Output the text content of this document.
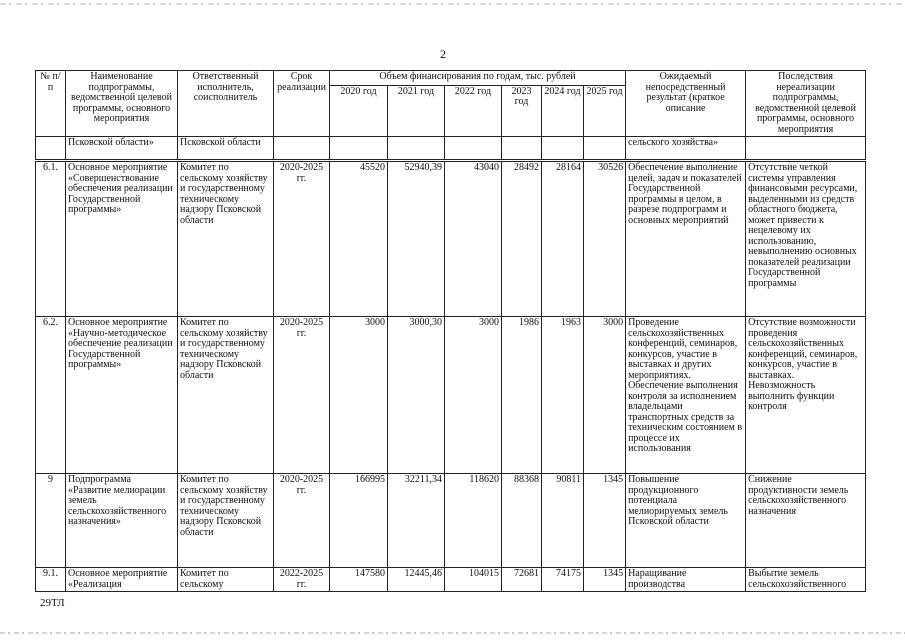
2
№ п/п	Наименование подпрограммы, ведомственной целевой программы, основного мероприятия	Ответственный исполнитель, соисполнитель	Срок реализации	Объем финансирования по годам, тыс. рублей						Ожидаемый непосредственный результат (краткое описание	Последствия нереализации подпрограммы, ведомственной целевой программы, основного мероприятия
				2020 год	2021 год	2022 год	2023 год	2024 год	2025 год		
	Псковской области»	Псковской области								сельского хозяйства»	
6.1.	Основное мероприятие «Совершенствование обеспечения реализации Государственной программы»	Комитет по сельскому хозяйству и государственному техническому надзору Псковской области	2020-2025 гг.	45520	52940,39	43040	28492	28164	30526	Обеспечение выполнение целей, задач и показателей Государственной программы в целом, в разрезе подпрограмм и основных мероприятий	Отсутствие четкой системы управления финансовыми ресурсами, выделенными из средств областного бюджета, может привести к нецелевому их использованию, невыполнению основных показателей реализации Государственной программы
6.2.	Основное мероприятие «Научно-методическое обеспечение реализации Государственной программы»	Комитет по сельскому хозяйству и государственному техническому надзору Псковской области	2020-2025 гг.	3000	3000,30	3000	1986	1963	3000	Проведение сельскохозяйственных конференций, семинаров, конкурсов, участие в выставках и других мероприятиях. Обеспечение выполнения контроля за исполнением владельцами транспортных средств за техническим состоянием в процессе их использования	Отсутствие возможности проведения сельскохозяйственных конференций, семинаров, конкурсов, участие в выставках. Невозможность выполнить функции контроля
9	Подпрограмма «Развитие мелиорации земель сельскохозяйственного назначения»	Комитет по сельскому хозяйству и государственному техническому надзору Псковской области	2020-2025 гг.	166995	32211,34	118620	88368	90811	1345	Повышение продукционного потенциала мелиорируемых земель Псковской области	Снижение продуктивности земель сельскохозяйственного назначения
9.1.	Основное мероприятие «Реализация	Комитет по сельскому	2022-2025 гг.	147580	12445,46	104015	72681	74175	1345	Наращивание производства	Выбытие земель сельскохозяйственного
29ТЛ
